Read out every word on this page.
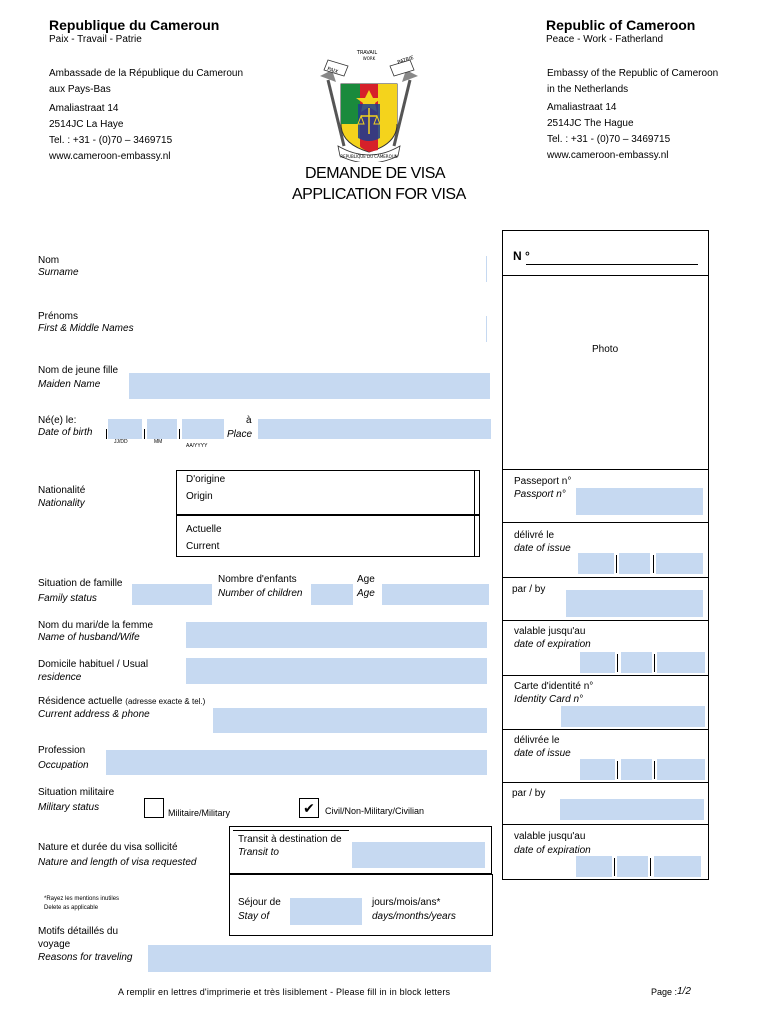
Republique du Cameroun
Paix - Travail - Patrie
Ambassade de la République du Cameroun
aux Pays-Bas
Amaliastraat 14
2514JC La Haye
Tel. : +31 - (0)70 – 3469715
www.cameroon-embassy.nl
Republic of Cameroon
Peace - Work - Fatherland
Embassy of the Republic of Cameroon
in the Netherlands
Amaliastraat 14
2514JC The Hague
Tel. : +31 - (0)70 – 3469715
www.cameroon-embassy.nl
PAIX
TRAVAIL
WORK	PATRIE
REPUBLIQUE DU CAMEROUN
DEMANDE DE VISA
APPLICATION FOR VISA
Nom
Surname
Prénoms
First & Middle Names
Nom de jeune fille
Maiden Name
Né(e) le:
Date of birth
JJ/DD	MM
AA/YYYY
à
Place
Nationalité
Nationality
D'origine
Origin
Actuelle
Current
Situation de famille
Family status
Nombre d'enfants
Number of children
Age
Age
Nom du mari/de la femme
Name of husband/Wife
Domicile habituel / Usual
residence
Résidence actuelle (adresse exacte & tel.)
Current address & phone
Profession
Occupation
Situation militaire
Military status	Militaire/Military	✔	Civil/Non-Military/Civilian
Nature et durée du visa sollicité
Nature and length of visa requested
*Rayez les mentions inutiles
Delete as applicable
Transit à destination de
Transit to
Séjour de
Stay of
jours/mois/ans*
days/months/years
Motifs détaillés du
voyage
Reasons for traveling
N °
Photo
Passeport n°
Passport n°
délivré le
date of issue
par / by
valable jusqu'au
date of expiration
Carte d'identité n°
Identity Card n°
délivrée le
date of issue
par / by
valable jusqu'au
date of expiration
A remplir en lettres d'imprimerie et très lisiblement - Please fill in in block letters	Page : 1/2
